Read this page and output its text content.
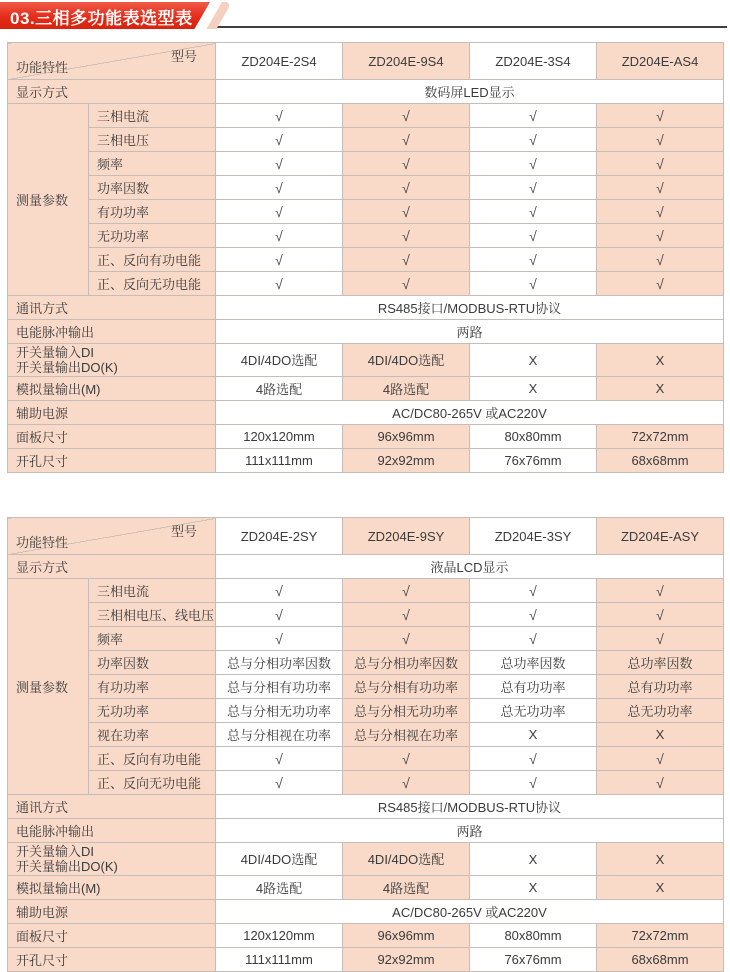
03.三相多功能表选型表
型号
功能特性		ZD204E-2S4	ZD204E-9S4	ZD204E-3S4	ZD204E-AS4
显示方式		数码屏LED显示			
测量参数	三相电流	√	√	√	√
	三相电压	√	√	√	√
	频率	√	√	√	√
	功率因数	√	√	√	√
	有功功率	√	√	√	√
	无功功率	√	√	√	√
	正、反向有功电能	√	√	√	√
	正、反向无功电能	√	√	√	√
通讯方式		RS485接口/MODBUS-RTU协议			
电能脉冲输出		两路			
开关量输入DI
开关量输出DO(K)		4DI/4DO选配	4DI/4DO选配	X	X
模拟量输出(M)		4路选配	4路选配	X	X
辅助电源		AC/DC80-265V 或AC220V			
面板尺寸		120x120mm	96x96mm	80x80mm	72x72mm
开孔尺寸		111x111mm	92x92mm	76x76mm	68x68mm
型号
功能特性		ZD204E-2SY	ZD204E-9SY	ZD204E-3SY	ZD204E-ASY
显示方式		液晶LCD显示			
测量参数	三相电流	√	√	√	√
	三相相电压、线电压	√	√	√	√
	频率	√	√	√	√
	功率因数	总与分相功率因数	总与分相功率因数	总功率因数	总功率因数
	有功功率	总与分相有功功率	总与分相有功功率	总有功功率	总有功功率
	无功功率	总与分相无功功率	总与分相无功功率	总无功功率	总无功功率
	视在功率	总与分相视在功率	总与分相视在功率	X	X
	正、反向有功电能	√	√	√	√
	正、反向无功电能	√	√	√	√
通讯方式		RS485接口/MODBUS-RTU协议			
电能脉冲输出		两路			
开关量输入DI
开关量输出DO(K)		4DI/4DO选配	4DI/4DO选配	X	X
模拟量输出(M)		4路选配	4路选配	X	X
辅助电源		AC/DC80-265V 或AC220V			
面板尺寸		120x120mm	96x96mm	80x80mm	72x72mm
开孔尺寸		111x111mm	92x92mm	76x76mm	68x68mm
